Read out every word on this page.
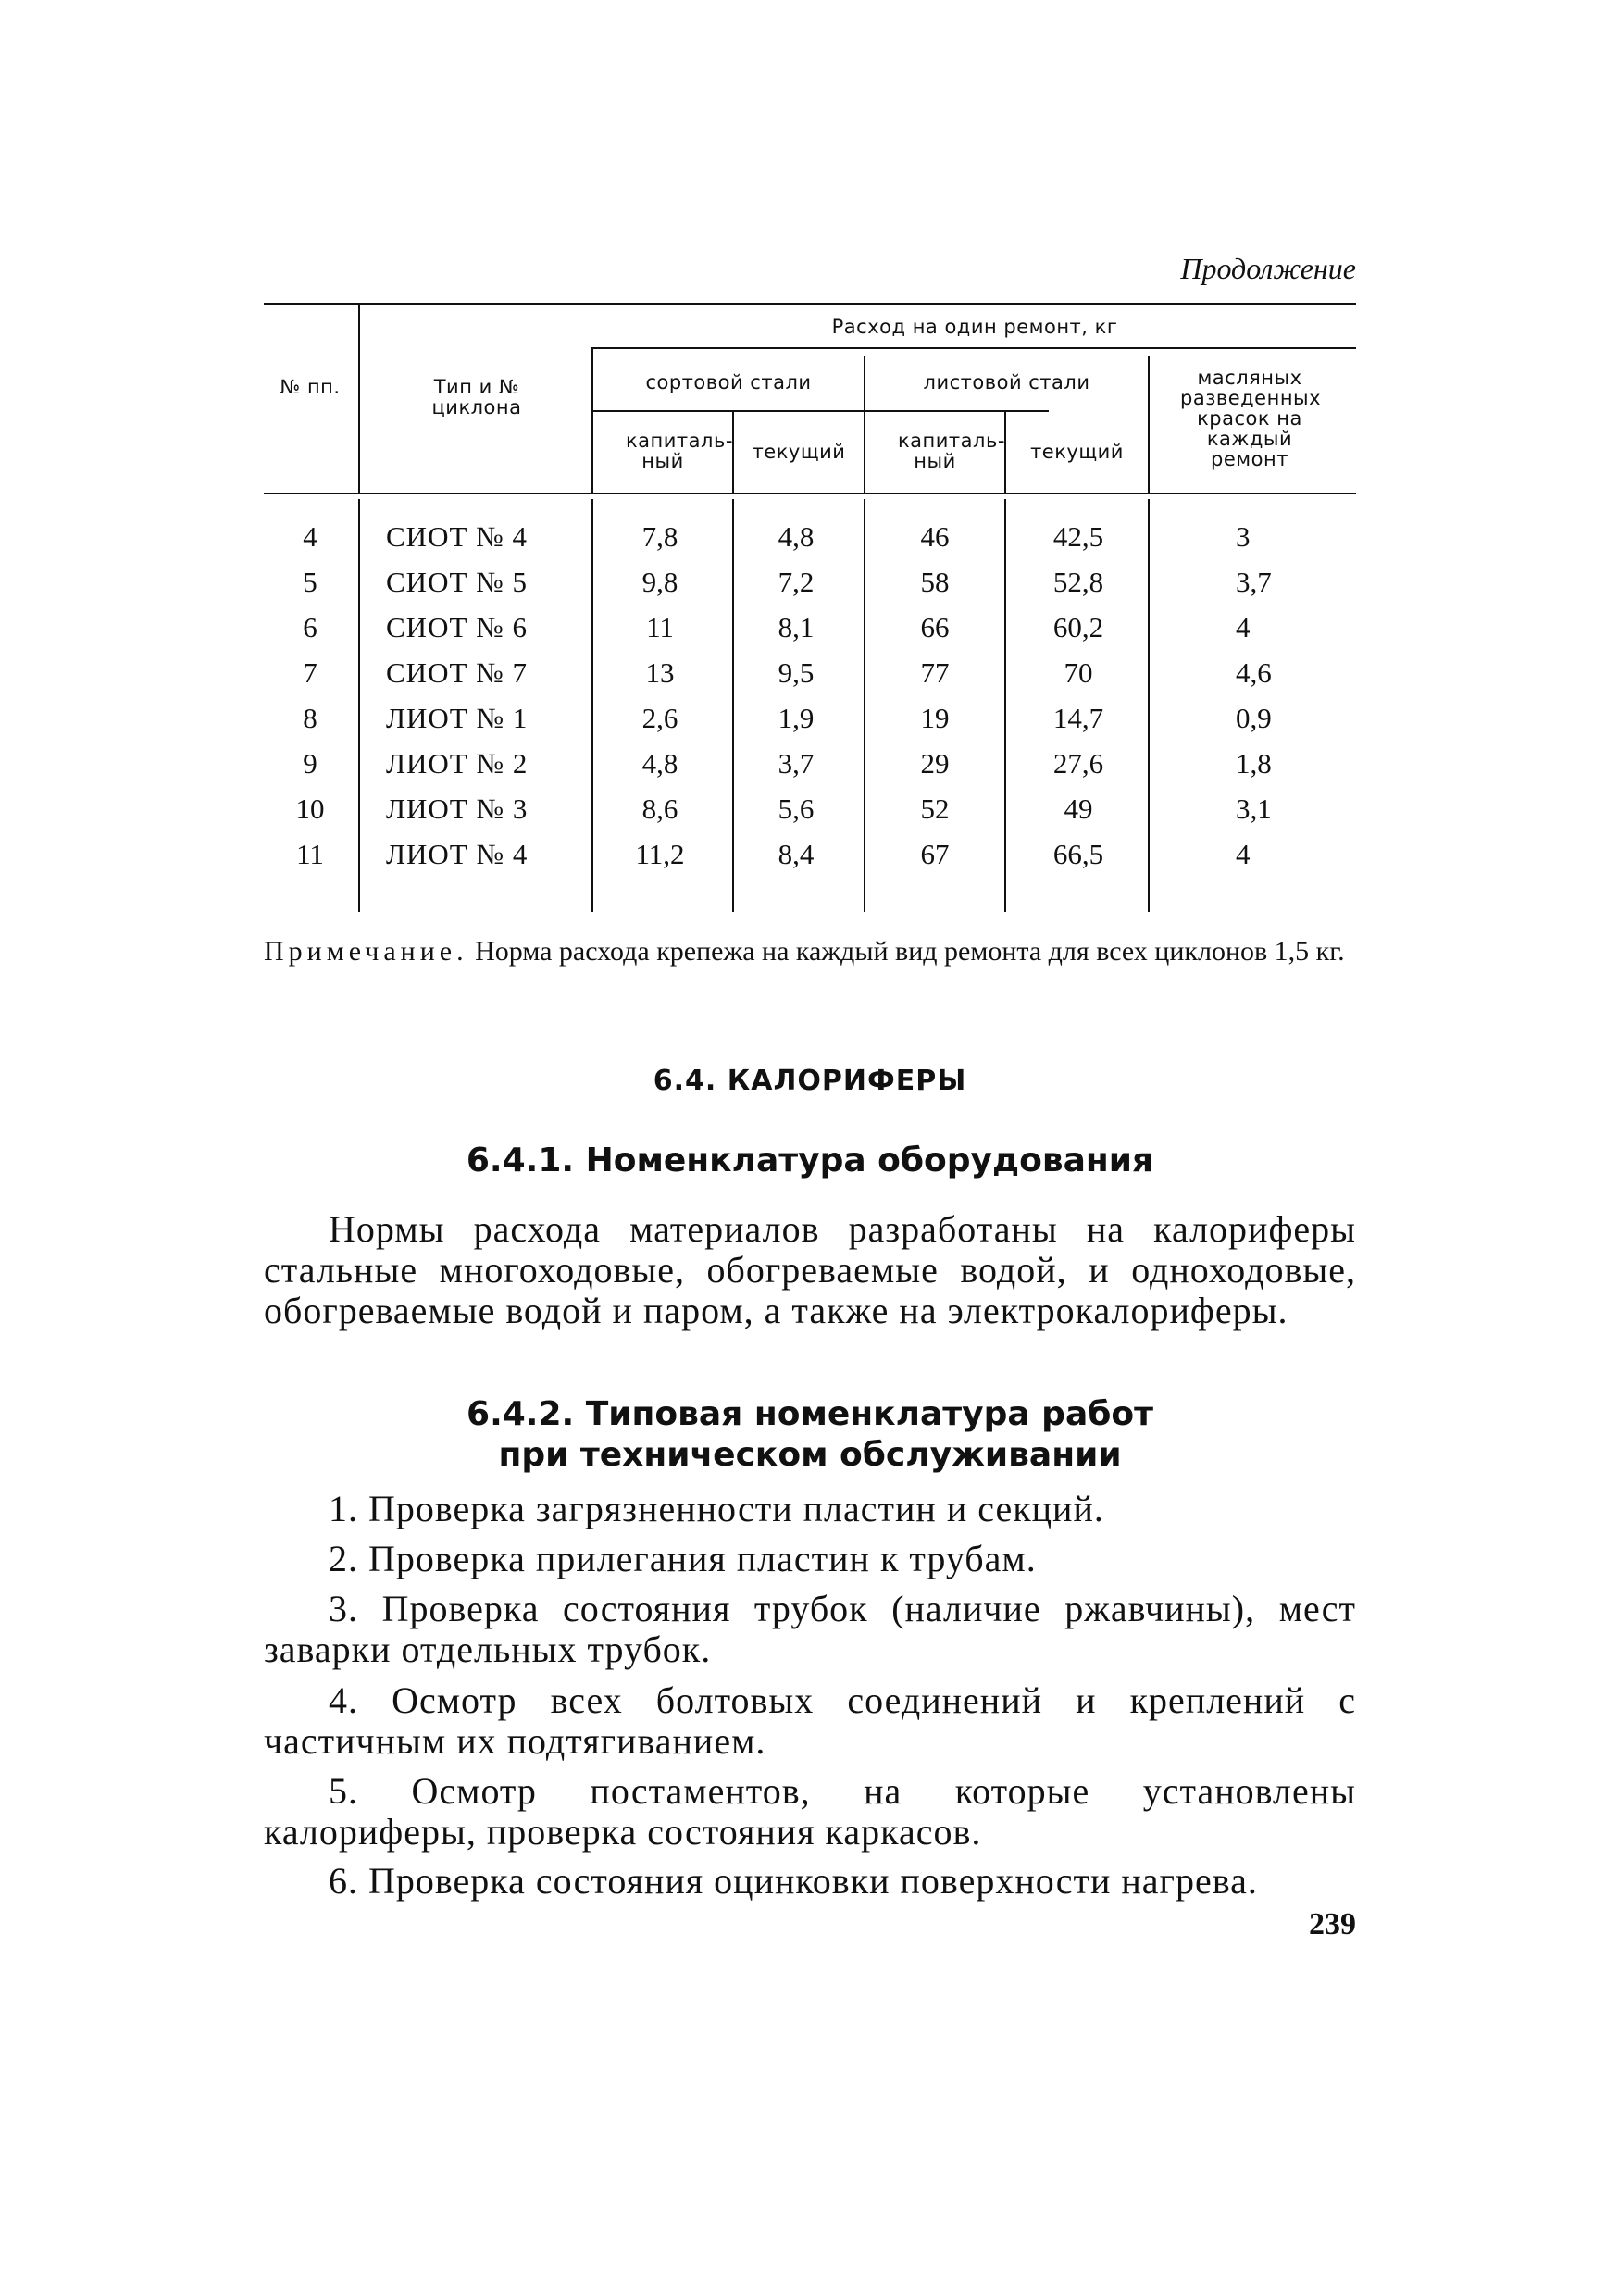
Продолжение
№ пп.	Тип и № циклона
Расход на один ремонт, кг
сортовой стали	листовой стали	масляных разведенных красок на каждый ремонт
капиталь-ный	текущий	капиталь-ный	текущий
4	СИОТ № 4	7,8	4,8	46	42,5	3
5	СИОТ № 5	9,8	7,2	58	52,8	3,7
6	СИОТ № 6	11	8,1	66	60,2	4
7	СИОТ № 7	13	9,5	77	70	4,6
8	ЛИОТ № 1	2,6	1,9	19	14,7	0,9
9	ЛИОТ № 2	4,8	3,7	29	27,6	1,8
10	ЛИОТ № 3	8,6	5,6	52	49	3,1
11	ЛИОТ № 4	11,2	8,4	67	66,5	4
Примечание. Норма расхода крепежа на каждый вид ремонта для всех циклонов 1,5 кг.
6.4. КАЛОРИФЕРЫ
6.4.1. Номенклатура оборудования

Нормы расхода материалов разработаны на калориферы стальные многоходовые, обогреваемые водой, и одноходовые, обогреваемые водой и паром, а также на электрокалориферы.

6.4.2. Типовая номенклатура работ
при техническом обслуживании
1. Проверка загрязненности пластин и секций.
2. Проверка прилегания пластин к трубам.
3. Проверка состояния трубок (наличие ржавчины), мест заварки отдельных трубок.
4. Осмотр всех болтовых соединений и креплений с частичным их подтягиванием.
5. Осмотр постаментов, на которые установлены калориферы, проверка состояния каркасов.
6. Проверка состояния оцинковки поверхности нагрева.
239
